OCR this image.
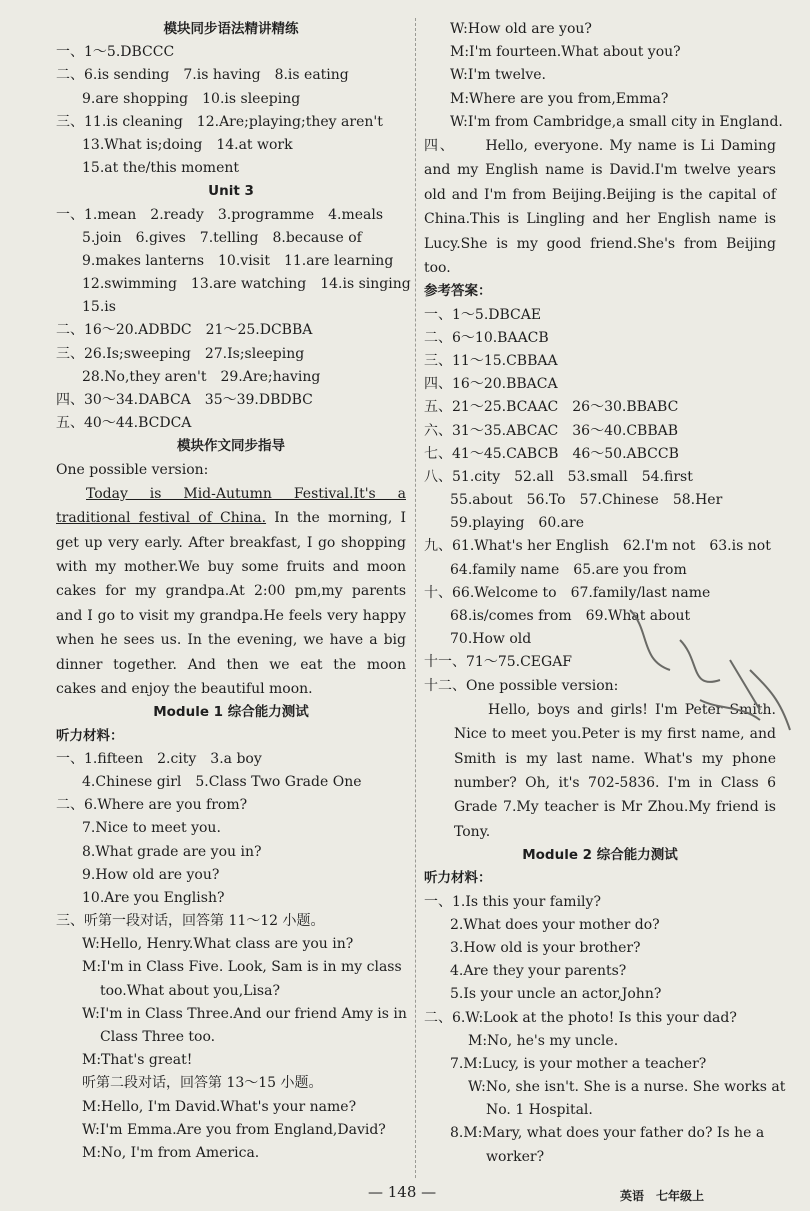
模块同步语法精讲精练
一、1～5.DBCCC
二、6.is sending　7.is having　8.is eating
9.are shopping　10.is sleeping
三、11.is cleaning　12.Are;playing;they aren't
13.What is;doing　14.at work
15.at the/this moment
Unit 3
一、1.mean　2.ready　3.programme　4.meals
5.join　6.gives　7.telling　8.because of
9.makes lanterns　10.visit　11.are learning
12.swimming　13.are watching　14.is singing
15.is
二、16～20.ADBDC　21～25.DCBBA
三、26.Is;sweeping　27.Is;sleeping
28.No,they aren't　29.Are;having
四、30～34.DABCA　35～39.DBDBC
五、40～44.BCDCA
模块作文同步指导
One possible version:
Today is Mid-Autumn Festival.It's a traditional festival of China. In the morning, I get up very early. After breakfast, I go shopping with my mother.We buy some fruits and moon cakes for my grandpa.At 2:00 pm,my parents and I go to visit my grandpa.He feels very happy when he sees us. In the evening, we have a big dinner together. And then we eat the moon cakes and enjoy the beautiful moon.
Module 1 综合能力测试
听力材料：
一、1.fifteen　2.city　3.a boy
4.Chinese girl　5.Class Two Grade One
二、6.Where are you from?
7.Nice to meet you.
8.What grade are you in?
9.How old are you?
10.Are you English?
三、听第一段对话，回答第 11～12 小题。
W:Hello, Henry.What class are you in?
M:I'm in Class Five. Look, Sam is in my class
too.What about you,Lisa?
W:I'm in Class Three.And our friend Amy is in
Class Three too.
M:That's great!
听第二段对话，回答第 13～15 小题。
M:Hello, I'm David.What's your name?
W:I'm Emma.Are you from England,David?
M:No, I'm from America.
W:How old are you?
M:I'm fourteen.What about you?
W:I'm twelve.
M:Where are you from,Emma?
W:I'm from Cambridge,a small city in England.
四、 Hello, everyone. My name is Li Daming and my English name is David.I'm twelve years old and I'm from Beijing.Beijing is the capital of China.This is Lingling and her English name is Lucy.She is my good friend.She's from Beijing too.
参考答案：
一、1～5.DBCAE
二、6～10.BAACB
三、11～15.CBBAA
四、16～20.BBACA
五、21～25.BCAAC　26～30.BBABC
六、31～35.ABCAC　36～40.CBBAB
七、41～45.CABCB　46～50.ABCCB
八、51.city　52.all　53.small　54.first
55.about　56.To　57.Chinese　58.Her
59.playing　60.are
九、61.What's her English　62.I'm not　63.is not
64.family name　65.are you from
十、66.Welcome to　67.family/last name
68.is/comes from　69.What about
70.How old
十一、71～75.CEGAF
十二、One possible version:
Hello, boys and girls! I'm Peter Smith. Nice to meet you.Peter is my first name, and Smith is my last name. What's my phone number? Oh, it's 702-5836. I'm in Class 6 Grade 7.My teacher is Mr Zhou.My friend is Tony.
Module 2 综合能力测试
听力材料：
一、1.Is this your family?
2.What does your mother do?
3.How old is your brother?
4.Are they your parents?
5.Is your uncle an actor,John?
二、6.W:Look at the photo! Is this your dad?
M:No, he's my uncle.
7.M:Lucy, is your mother a teacher?
W:No, she isn't. She is a nurse. She works at
No. 1 Hospital.
8.M:Mary, what does your father do? Is he a
worker?
— 148 —	英语　七年级上
